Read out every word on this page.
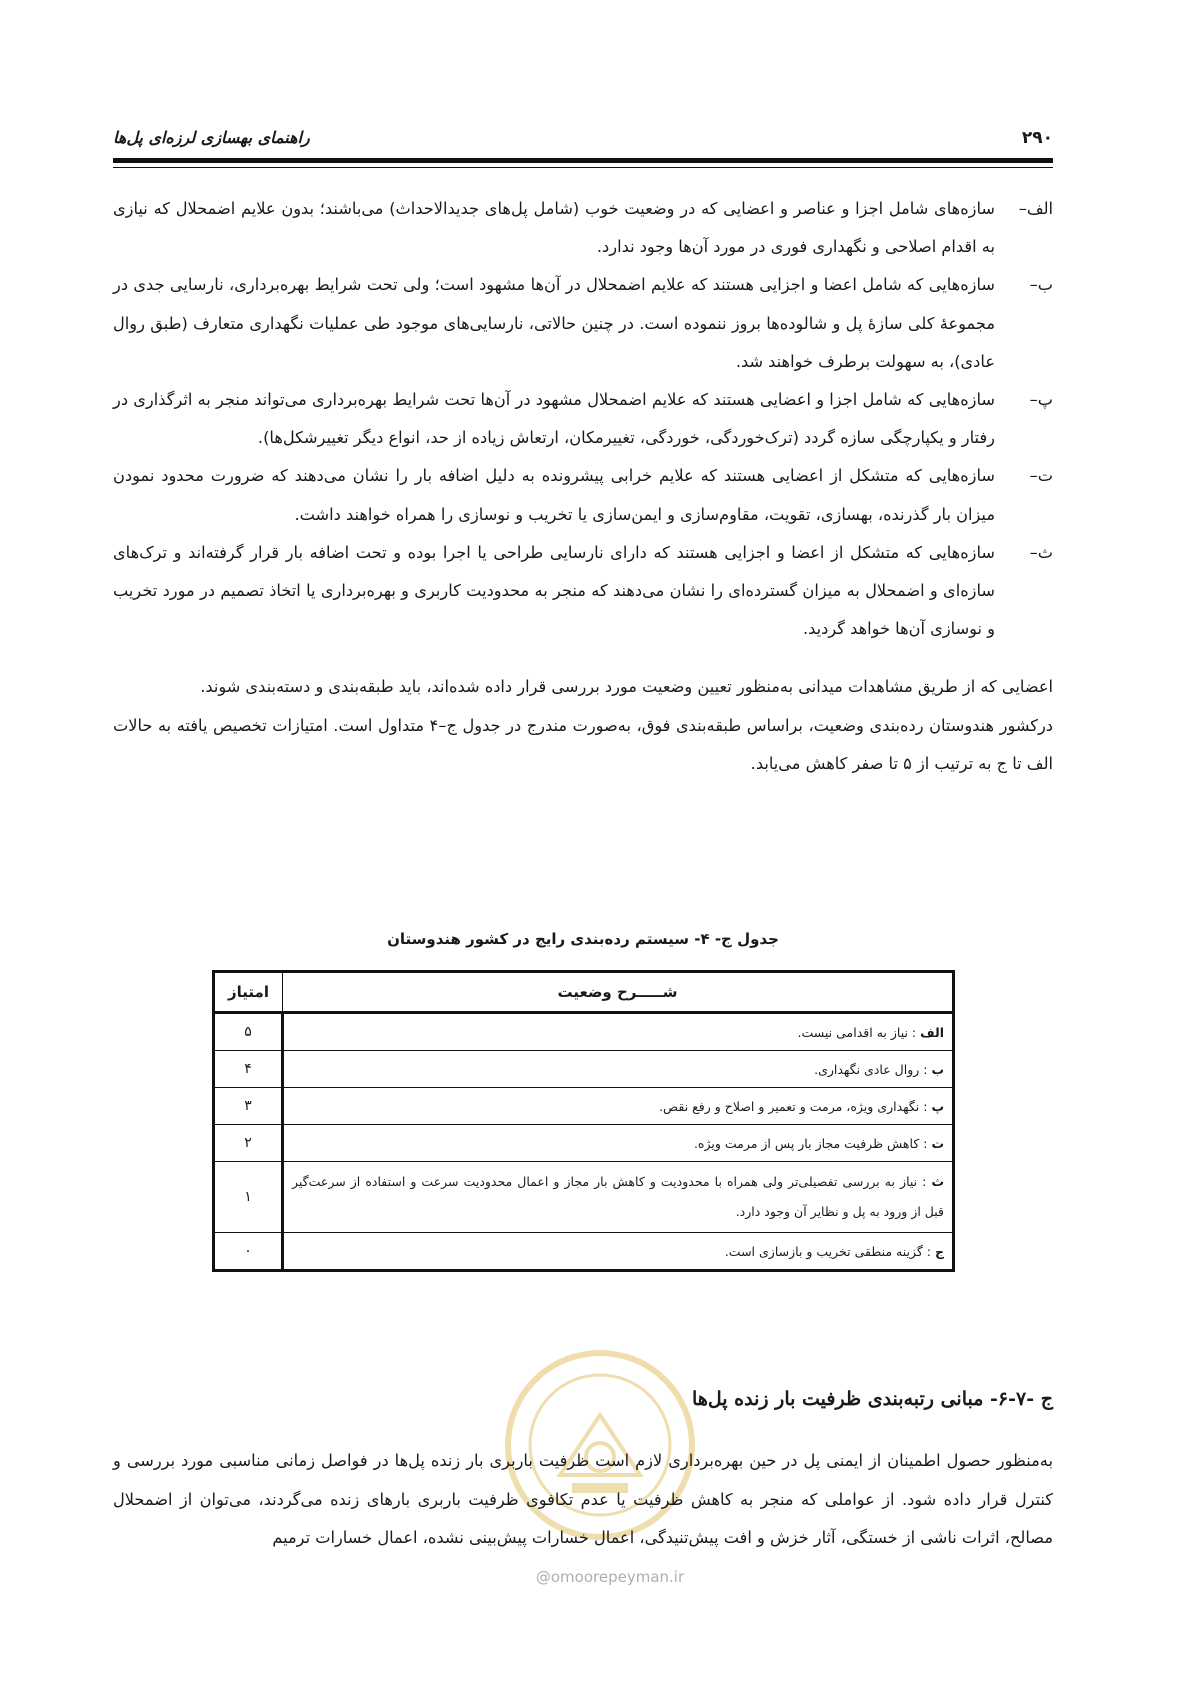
۲۹۰
راهنمای بهسازی لرزه‌ای پل‌ها
الف–

سازه‌های شامل اجزا و عناصر و اعضایی که در وضعیت خوب (شامل پل‌های جدیدالاحداث) می‌باشند؛ بدون علایم اضمحلال که نیازی به اقدام اصلاحی و نگهداری فوری در مورد آن‌ها وجود ندارد.

ب–

سازه‌هایی که شامل اعضا و اجزایی هستند که علایم اضمحلال در آن‌ها مشهود است؛ ولی تحت شرایط بهره‌برداری، نارسایی جدی در مجموعهٔ کلی سازهٔ پل و شالوده‌ها بروز ننموده است. در چنین حالاتی، نارسایی‌های موجود طی عملیات نگهداری متعارف (طبق روال عادی)، به سهولت برطرف خواهند شد.

پ–

سازه‌هایی که شامل اجزا و اعضایی هستند که علایم اضمحلال مشهود در آن‌ها تحت شرایط بهره‌برداری می‌تواند منجر به اثرگذاری در رفتار و یکپارچگی سازه گردد (ترک‌خوردگی، خوردگی، تغییرمکان، ارتعاش زیاده از حد، انواع دیگر تغییرشکل‌ها).

ت–

سازه‌هایی که متشکل از اعضایی هستند که علایم خرابی پیشرونده به دلیل اضافه بار را نشان می‌دهند که ضرورت محدود نمودن میزان بار گذرنده، بهسازی، تقویت، مقاوم‌سازی و ایمن‌سازی یا تخریب و نوسازی را همراه خواهند داشت.

ث–

سازه‌هایی که متشکل از اعضا و اجزایی هستند که دارای نارسایی طراحی یا اجرا بوده و تحت اضافه بار قرار گرفته‌اند و ترک‌های سازه‌ای و اضمحلال به میزان گسترده‌ای را نشان می‌دهند که منجر به محدودیت کاربری و بهره‌برداری یا اتخاذ تصمیم در مورد تخریب و نوسازی آن‌ها خواهد گردید.

اعضایی که از طریق مشاهدات میدانی به‌منظور تعیین وضعیت مورد بررسی قرار داده شده‌اند، باید طبقه‌بندی و دسته‌بندی شوند.

درکشور هندوستان رده‌بندی وضعیت، براساس طبقه‌بندی فوق، به‌صورت مندرج در جدول ج–۴ متداول است. امتیازات تخصیص یافته به حالات الف تا ج به ترتیب از ۵ تا صفر کاهش می‌یابد.

جدول ج- ۴- سیستم رده‌بندی رایج در کشور هندوستان
شـــــرح وضعیت	امتیاز
الف : نیاز به اقدامی نیست.	۵
ب : روال عادی نگهداری.	۴
پ : نگهداری ویژه، مرمت و تعمیر و اصلاح و رفع نقص.	۳
ت : کاهش ظرفیت مجاز بار پس از مرمت ویژه.	۲
ث : نیاز به بررسی تفصیلی‌تر ولی همراه با محدودیت و کاهش بار مجاز و اعمال محدودیت سرعت و استفاده از سرعت‌گیر قبل از ورود به پل و نظایر آن وجود دارد.	۱
ج : گزینه منطقی تخریب و بازسازی است.	۰
ج -۷-۶- مبانی رتبه‌بندی ظرفیت بار زنده پل‌ها

به‌منظور حصول اطمینان از ایمنی پل در حین بهره‌برداری لازم است ظرفیت باربری بار زنده پل‌ها در فواصل زمانی مناسبی مورد بررسی و کنترل قرار داده شود. از عواملی که منجر به کاهش ظرفیت یا عدم تکافوی ظرفیت باربری بارهای زنده می‌گردند، می‌توان از اضمحلال مصالح، اثرات ناشی از خستگی، آثار خزش و افت پیش‌تنیدگی، اعمال خسارات پیش‌بینی نشده، اعمال خسارات ترمیم

@omoorepeyman.ir
